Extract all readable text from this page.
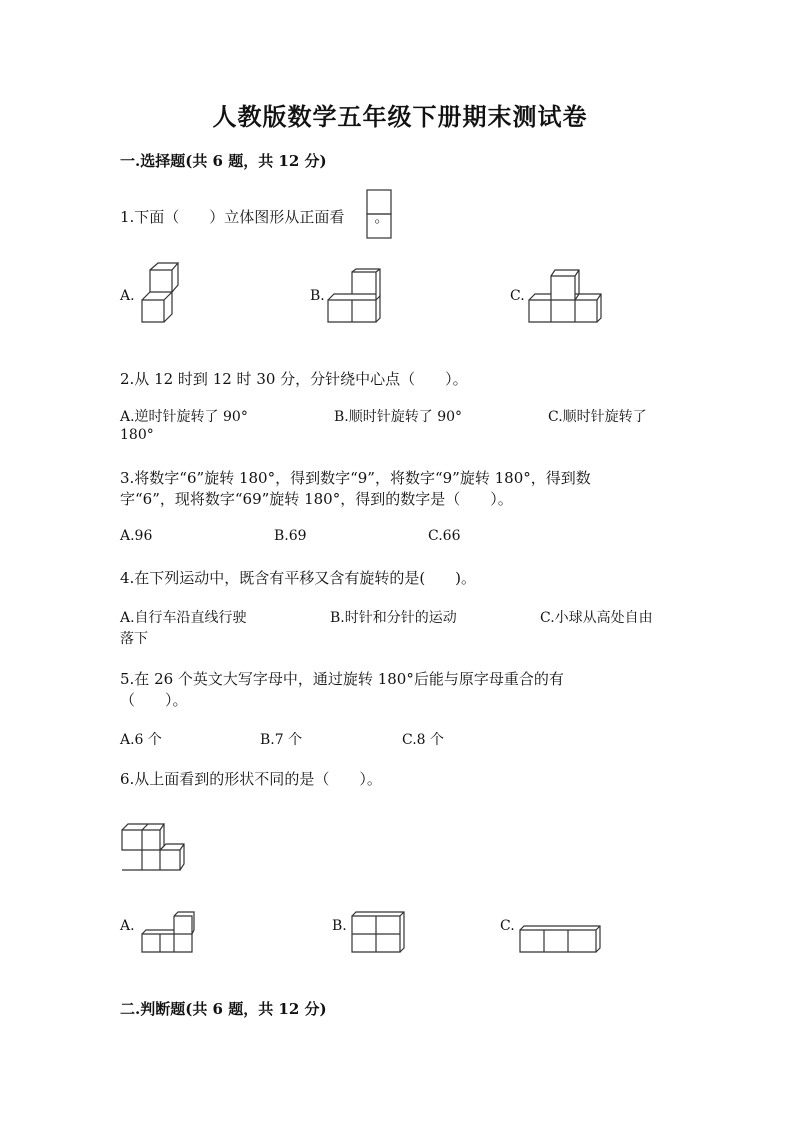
人教版数学五年级下册期末测试卷
一.选择题(共 6 题，共 12 分)
1.下面（　　）立体图形从正面看 。
A.	B.	C.
2.从 12 时到 12 时 30 分，分针绕中心点（　　）。
A.逆时针旋转了 90°	B.顺时针旋转了 90°	C.顺时针旋转了
180°
3.将数字“6”旋转 180°，得到数字“9”，将数字“9”旋转 180°，得到数
字“6”，现将数字“69”旋转 180°，得到的数字是（　　）。
A.96	B.69	C.66
4.在下列运动中，既含有平移又含有旋转的是(　　)。
A.自行车沿直线行驶	B.时针和分针的运动	C.小球从高处自由
落下
5.在 26 个英文大写字母中，通过旋转 180°后能与原字母重合的有
（　　）。
A.6 个	B.7 个	C.8 个
6.从上面看到的形状不同的是（　　）。
A.	B.	C.
二.判断题(共 6 题，共 12 分)
